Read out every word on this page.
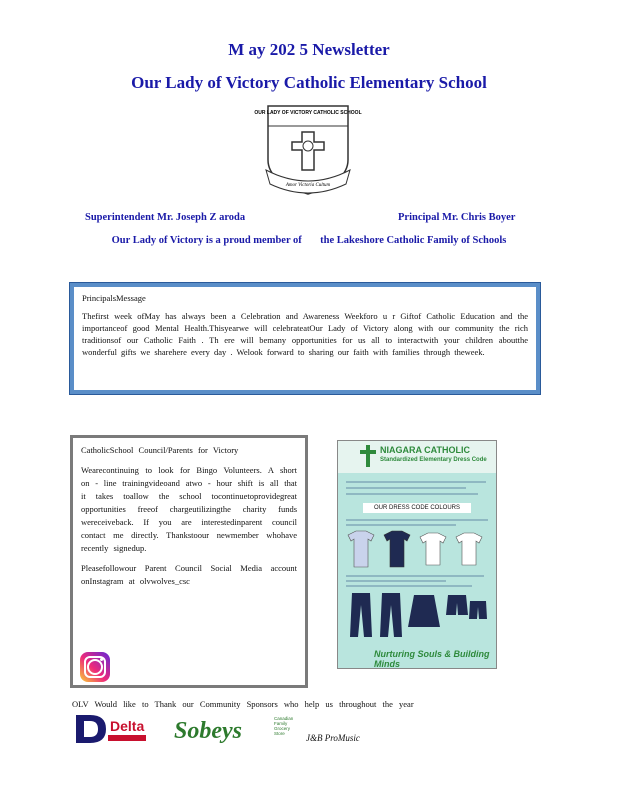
M ay 202 5 Newsletter
Our Lady of Victory Catholic Elementary School
OUR LADY OF VICTORY CATHOLIC SCHOOL
Amor Victoria Cultum
Superintendent Mr. Joseph Z aroda	Principal Mr. Chris Boyer
Our Lady of Victory is a proud member of       the Lakeshore Catholic Family of Schools
PrincipalsMessage
Thefirst week ofMay has always been a Celebration and Awareness Weekforo u r Giftof Catholic Education and the importanceof good Mental Health.Thisyearwe will celebrateatOur Lady of Victory along with our community the rich traditionsof our Catholic Faith . Th ere will bemany opportunities for us all to interactwith your children aboutthe wonderful gifts we sharehere every day . Welook forward to sharing our faith with families through theweek.
CatholicSchool Council/Parents for Victory
Wearecontinuing to look for Bingo Volunteers. A short on - line trainingvideoand atwo - hour shift is all that it takes toallow the school tocontinuetoprovidegreat opportunities freeof chargeutilizingthe charity funds wereceiveback. If you are interestedinparent council contact me directly. Thankstoour newmember whohave recently signedup.
Pleasefollowour Parent Council Social Media account onInstagram at olvwolves_csc
NIAGARA CATHOLIC
Standardized Elementary Dress Code
OUR DRESS CODE COLOURS
Nurturing Souls & Building Minds
OLV Would like to Thank our Community Sponsors who help us throughout the year
Delta Sobeys	Canadian Family Grocery Store	J&B ProMusic
